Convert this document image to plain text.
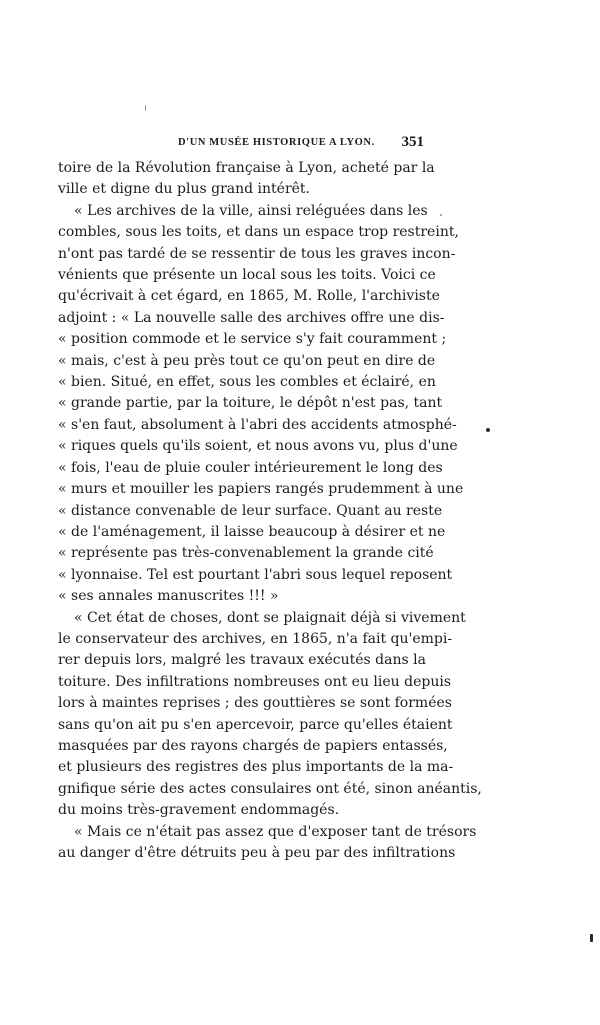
D'UN MUSÉE HISTORIQUE A LYON. 351
toire de la Révolution française à Lyon, acheté par la
ville et digne du plus grand intérêt.
« Les archives de la ville, ainsi reléguées dans les
combles, sous les toits, et dans un espace trop restreint,
n'ont pas tardé de se ressentir de tous les graves incon-
vénients que présente un local sous les toits. Voici ce
qu'écrivait à cet égard, en 1865, M. Rolle, l'archiviste
adjoint : « La nouvelle salle des archives offre une dis-
« position commode et le service s'y fait couramment ;
« mais, c'est à peu près tout ce qu'on peut en dire de
« bien. Situé, en effet, sous les combles et éclairé, en
« grande partie, par la toiture, le dépôt n'est pas, tant
« s'en faut, absolument à l'abri des accidents atmosphé-
« riques quels qu'ils soient, et nous avons vu, plus d'une
« fois, l'eau de pluie couler intérieurement le long des
« murs et mouiller les papiers rangés prudemment à une
« distance convenable de leur surface. Quant au reste
« de l'aménagement, il laisse beaucoup à désirer et ne
« représente pas très-convenablement la grande cité
« lyonnaise. Tel est pourtant l'abri sous lequel reposent
« ses annales manuscrites !!! »
« Cet état de choses, dont se plaignait déjà si vivement
le conservateur des archives, en 1865, n'a fait qu'empi-
rer depuis lors, malgré les travaux exécutés dans la
toiture. Des infiltrations nombreuses ont eu lieu depuis
lors à maintes reprises ; des gouttières se sont formées
sans qu'on ait pu s'en apercevoir, parce qu'elles étaient
masquées par des rayons chargés de papiers entassés,
et plusieurs des registres des plus importants de la ma-
gnifique série des actes consulaires ont été, sinon anéantis,
du moins très-gravement endommagés.
« Mais ce n'était pas assez que d'exposer tant de trésors
au danger d'être détruits peu à peu par des infiltrations
